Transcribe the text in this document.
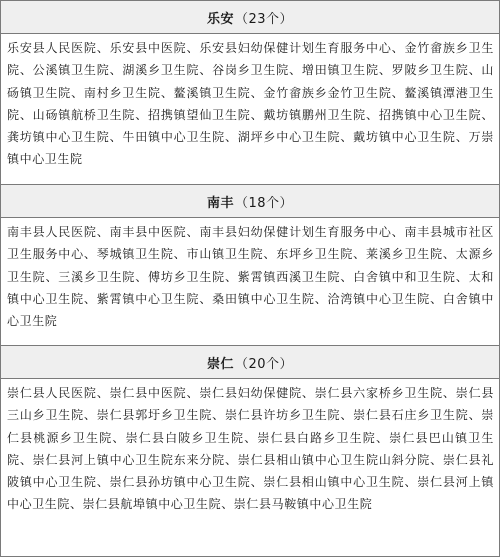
乐安 （23个）
乐安县人民医院、乐安县中医院、乐安县妇幼保健计划生育服务中心、金竹畲族乡卫生院、公溪镇卫生院、湖溪乡卫生院、谷岗乡卫生院、增田镇卫生院、罗陂乡卫生院、山砀镇卫生院、南村乡卫生院、鳌溪镇卫生院、金竹畲族乡金竹卫生院、鳌溪镇潭港卫生院、山砀镇航桥卫生院、招携镇望仙卫生院、戴坊镇鹏州卫生院、招携镇中心卫生院、龚坊镇中心卫生院、牛田镇中心卫生院、湖坪乡中心卫生院、戴坊镇中心卫生院、万崇镇中心卫生院
南丰 （18个）
南丰县人民医院、南丰县中医院、南丰县妇幼保健计划生育服务中心、南丰县城市社区卫生服务中心、琴城镇卫生院、市山镇卫生院、东坪乡卫生院、莱溪乡卫生院、太源乡卫生院、三溪乡卫生院、傅坊乡卫生院、紫霄镇西溪卫生院、白舍镇中和卫生院、太和镇中心卫生院、紫霄镇中心卫生院、桑田镇中心卫生院、洽湾镇中心卫生院、白舍镇中心卫生院
崇仁 （20个）
崇仁县人民医院、崇仁县中医院、崇仁县妇幼保健院、崇仁县六家桥乡卫生院、崇仁县三山乡卫生院、崇仁县郭圩乡卫生院、崇仁县许坊乡卫生院、崇仁县石庄乡卫生院、崇仁县桃源乡卫生院、崇仁县白陂乡卫生院、崇仁县白路乡卫生院、崇仁县巴山镇卫生院、崇仁县河上镇中心卫生院东来分院、崇仁县相山镇中心卫生院山斜分院、崇仁县礼陂镇中心卫生院、崇仁县孙坊镇中心卫生院、崇仁县相山镇中心卫生院、崇仁县河上镇中心卫生院、崇仁县航埠镇中心卫生院、崇仁县马鞍镇中心卫生院
